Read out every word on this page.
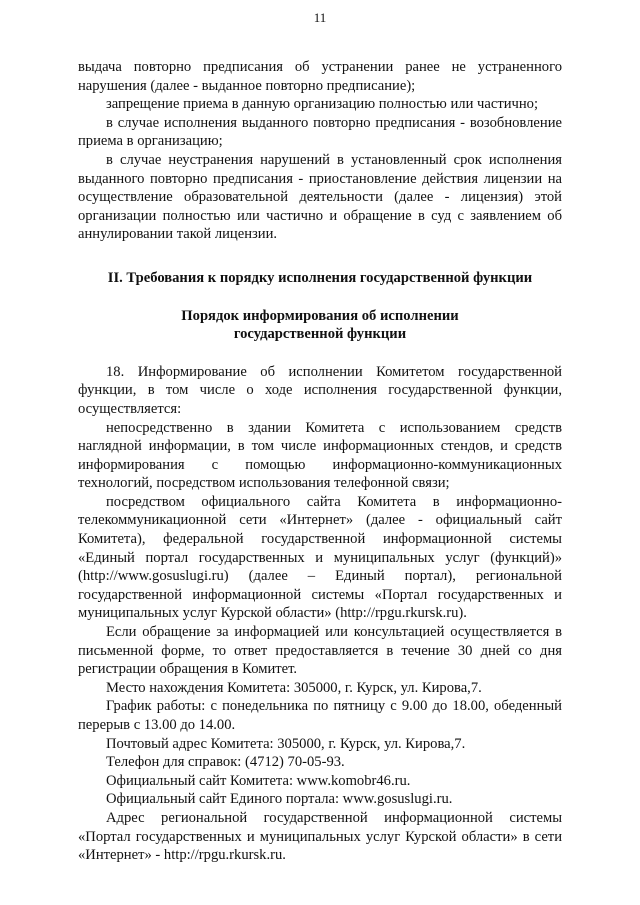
11

выдача повторно предписания об устранении ранее не устраненного нарушения (далее - выданное повторно предписание);

запрещение приема в данную организацию полностью или частично;

в случае исполнения выданного повторно предписания - возобновление приема в организацию;

в случае неустранения нарушений в установленный срок исполнения выданного повторно предписания - приостановление действия лицензии на осуществление образовательной деятельности (далее - лицензия) этой организации полностью или частично и обращение в суд с заявлением об аннулировании такой лицензии.

II. Требования к порядку исполнения государственной функции

Порядок информирования об исполнении
государственной функции

18. Информирование об исполнении Комитетом государственной функции, в том числе о ходе исполнения государственной функции, осуществляется:

непосредственно в здании Комитета с использованием средств наглядной информации, в том числе информационных стендов, и средств информирования с помощью информационно-коммуникационных технологий, посредством использования телефонной связи;

посредством официального сайта Комитета в информационно-телекоммуникационной сети «Интернет» (далее - официальный сайт Комитета), федеральной государственной информационной системы «Единый портал государственных и муниципальных услуг (функций)» (http://www.gosuslugi.ru) (далее – Единый портал), региональной государственной информационной системы «Портал государственных и муниципальных услуг Курской области» (http://rpgu.rkursk.ru).

Если обращение за информацией или консультацией осуществляется в письменной форме, то ответ предоставляется в течение 30 дней со дня регистрации обращения в Комитет.

Место нахождения Комитета: 305000, г. Курск, ул. Кирова,7.

График работы: с понедельника по пятницу с 9.00 до 18.00, обеденный перерыв с 13.00 до 14.00.

Почтовый адрес Комитета: 305000, г. Курск, ул. Кирова,7.

Телефон для справок: (4712) 70-05-93.

Официальный сайт Комитета: www.komobr46.ru.

Официальный сайт Единого портала: www.gosuslugi.ru.

Адрес региональной государственной информационной системы «Портал государственных и муниципальных услуг Курской области» в сети «Интернет» - http://rpgu.rkursk.ru.
